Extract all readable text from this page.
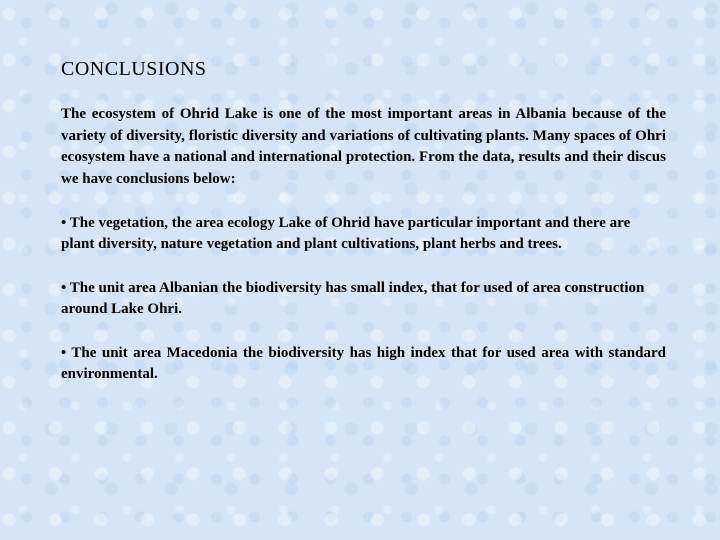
CONCLUSIONS

The ecosystem of Ohrid Lake is one of the most important areas in Albania because of the variety of diversity, floristic diversity and variations of cultivating plants. Many spaces of Ohri ecosystem have a national and international protection. From the data, results and their discus we have conclusions below:

• The vegetation, the area ecology Lake of Ohrid have particular important and there are plant diversity, nature vegetation and plant cultivations, plant herbs and trees.

• The unit area Albanian the biodiversity has small index, that for used of area construction around Lake Ohri.

• The unit area Macedonia the biodiversity has high index that for used area with standard environmental.
